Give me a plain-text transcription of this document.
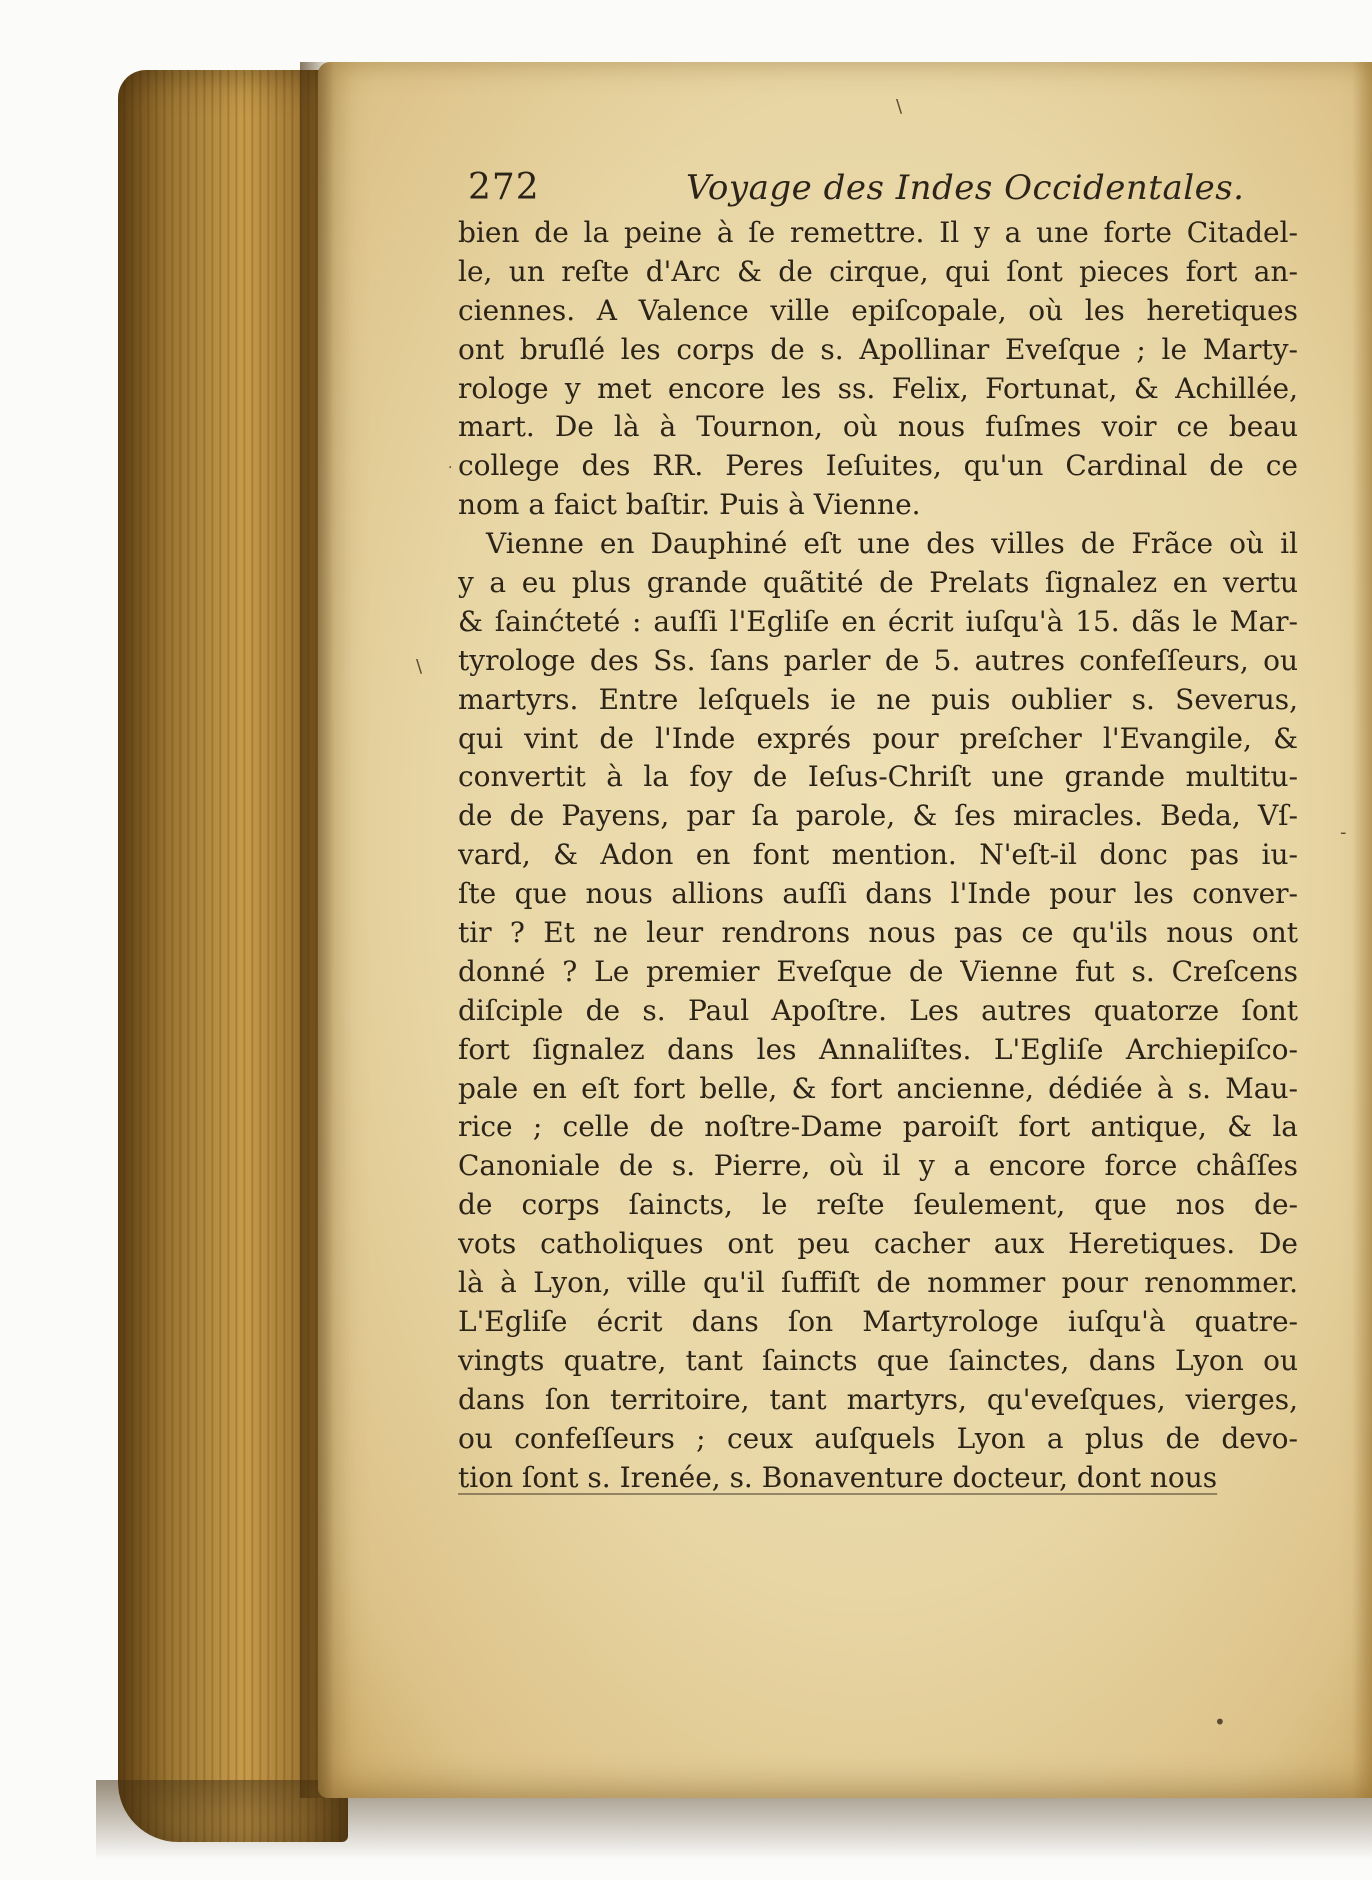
\
·
\
-
•
272	Voyage des Indes Occidentales.
bien de la peine à ſe remettre. Il y a une forte Citadel-
le, un reſte d'Arc & de cirque, qui ſont pieces fort an-
ciennes. A Valence ville epiſcopale, où les heretiques
ont bruſlé les corps de s. Apollinar Eveſque ; le Marty-
rologe y met encore les ss. Felix, Fortunat, & Achillée,
mart. De là à Tournon, où nous fuſmes voir ce beau
college des RR. Peres Ieſuites, qu'un Cardinal de ce
nom a faict baſtir. Puis à Vienne.
Vienne en Dauphiné eſt une des villes de Frãce où il
y a eu plus grande quãtité de Prelats ſignalez en vertu
& ſainćteté : auſſi l'Egliſe en écrit iuſqu'à 15. dãs le Mar-
tyrologe des Ss. ſans parler de 5. autres confeſſeurs, ou
martyrs. Entre leſquels ie ne puis oublier s. Severus,
qui vint de l'Inde exprés pour preſcher l'Evangile, &
convertit à la foy de Ieſus-Chriſt une grande multitu-
de de Payens, par ſa parole, & ſes miracles. Beda, Vſ-
vard, & Adon en font mention. N'eſt-il donc pas iu-
ſte que nous allions auſſi dans l'Inde pour les conver-
tir ? Et ne leur rendrons nous pas ce qu'ils nous ont
donné ? Le premier Eveſque de Vienne fut s. Creſcens
diſciple de s. Paul Apoſtre. Les autres quatorze ſont
fort ſignalez dans les Annaliſtes. L'Egliſe Archiepiſco-
pale en eſt fort belle, & fort ancienne, dédiée à s. Mau-
rice ; celle de noſtre-Dame paroiſt fort antique, & la
Canoniale de s. Pierre, où il y a encore force châſſes
de corps ſaincts, le reſte ſeulement, que nos de-
vots catholiques ont peu cacher aux Heretiques. De
là à Lyon, ville qu'il ſuffiſt de nommer pour renommer.
L'Egliſe écrit dans ſon Martyrologe iuſqu'à quatre-
vingts quatre, tant ſaincts que ſainctes, dans Lyon ou
dans ſon territoire, tant martyrs, qu'eveſques, vierges,
ou confeſſeurs ; ceux auſquels Lyon a plus de devo-
tion ſont s. Irenée, s. Bonaventure docteur, dont nous
